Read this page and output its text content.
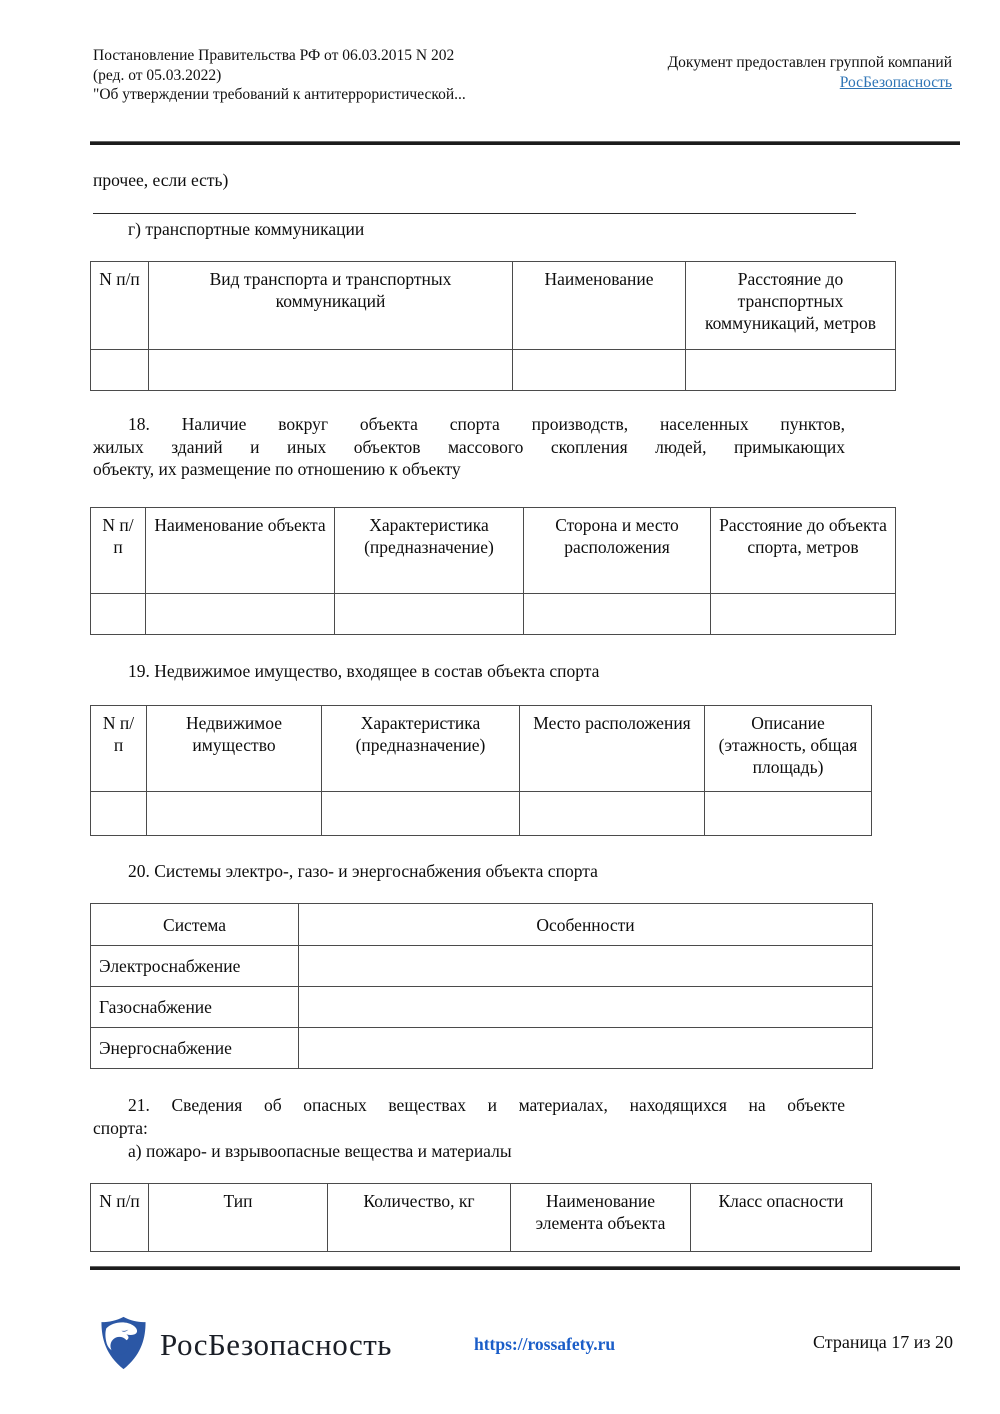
Постановление Правительства РФ от 06.03.2015 N 202
(ред. от 05.03.2022)
"Об утверждении требований к антитеррористической...
Документ предоставлен группой компаний
РосБезопасность
прочее, если есть)
г) транспортные коммуникации
N п/п	Вид транспорта и транспортных коммуникаций	Наименование	Расстояние до транспортных коммуникаций, метров

18. Наличие вокруг объекта спорта производств, населенных пунктов,
жилых зданий и иных объектов массового скопления людей, примыкающих
объекту, их размещение по отношению к объекту
N п/п	Наименование объекта	Характеристика (предназначение)	Сторона и место расположения	Расстояние до объекта спорта, метров

19. Недвижимое имущество, входящее в состав объекта спорта
N п/п	Недвижимое имущество	Характеристика (предназначение)	Место расположения	Описание (этажность, общая площадь)

20. Системы электро-, газо- и энергоснабжения объекта спорта
Система	Особенности
Электроснабжение	
Газоснабжение	
Энергоснабжение	
21. Сведения об опасных веществах и материалах, находящихся на объекте
спорта:
а) пожаро- и взрывоопасные вещества и материалы
N п/п	Тип	Количество, кг	Наименование элемента объекта	Класс опасности
РосБезопасность	https://rossafety.ru	Страница 17 из 20
